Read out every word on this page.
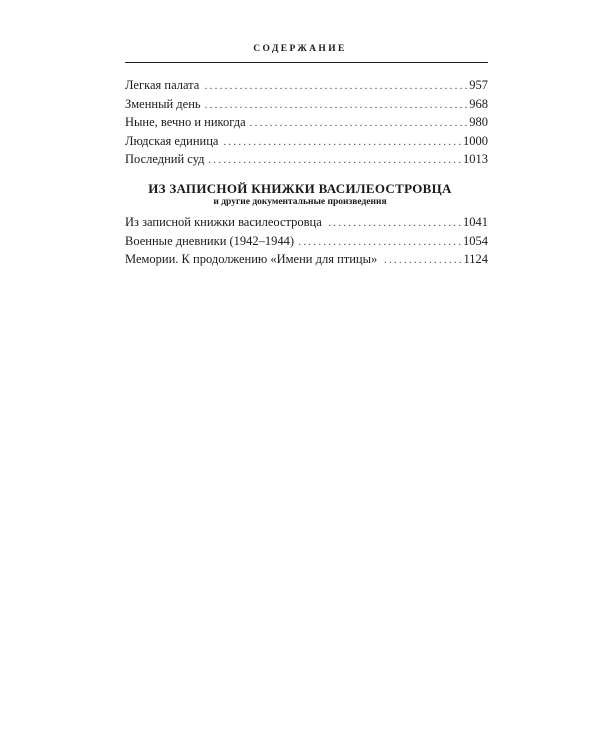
СОДЕРЖАНИЕ
Легкая палата . . .	957
Зменный день . . .	968
Ныне, вечно и никогда . . .	980
Людская единица . . .	1000
Последний суд . . .	1013
ИЗ ЗАПИСНОЙ КНИЖКИ ВАСИЛЕОСТРОВЦА
и другие документальные произведения
Из записной книжки василеостровца . . .	1041
Военные дневники (1942–1944) . . .	1054
Мемории. К продолжению «Имени для птицы» . . .	1124
